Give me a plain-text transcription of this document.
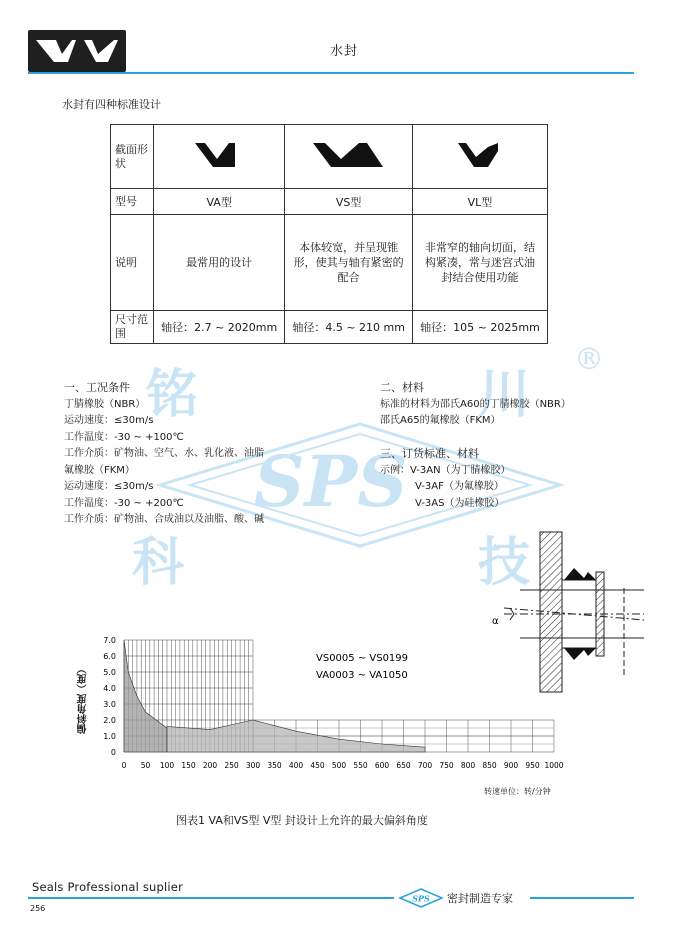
水封
水封有四种标准设计
铭	川
®
科	技
SPS
截面形状			
型号	VA型	VS型	VL型
说明	最常用的设计	本体较宽，并呈现锥形，使其与轴有紧密的配合	非常窄的轴向切面，结构紧凑，常与迷宫式油封结合使用功能
尺寸范围	轴径：2.7 ~ 2020mm	轴径：4.5 ~ 210 mm	轴径：105 ~ 2025mm
一、工况条件
丁腈橡胶（NBR）
运动速度：≤30m/s
工作温度：-30 ~ +100℃
工作介质：矿物油、空气、水、乳化液、油脂
氟橡胶（FKM）
运动速度：≤30m/s
工作温度：-30 ~ +200℃
工作介质：矿物油、合成油以及油脂、酸、碱
二、材料
标准的材料为邵氏A60的丁腈橡胶（NBR）
邵氏A65的氟橡胶（FKM）
三、订货标准、材料
示例：V-3AN（为丁腈橡胶）
V-3AF（为氟橡胶）
V-3AS（为硅橡胶）
α
偏斜角度（度）
7.0
6.0
5.0
4.0
3.0
2.0
1.0
0
0 50 100 150 200 250 300 350 400 450 500 550 600 650 700 750 800 850 900 950 1000
VS0005 ~ VS0199
VA0003 ~ VA1050
转速单位：转/分钟
图表1 VA和VS型 V型 封设计上允许的最大偏斜角度
Seals Professional suplier
256
SPS 密封制造专家
